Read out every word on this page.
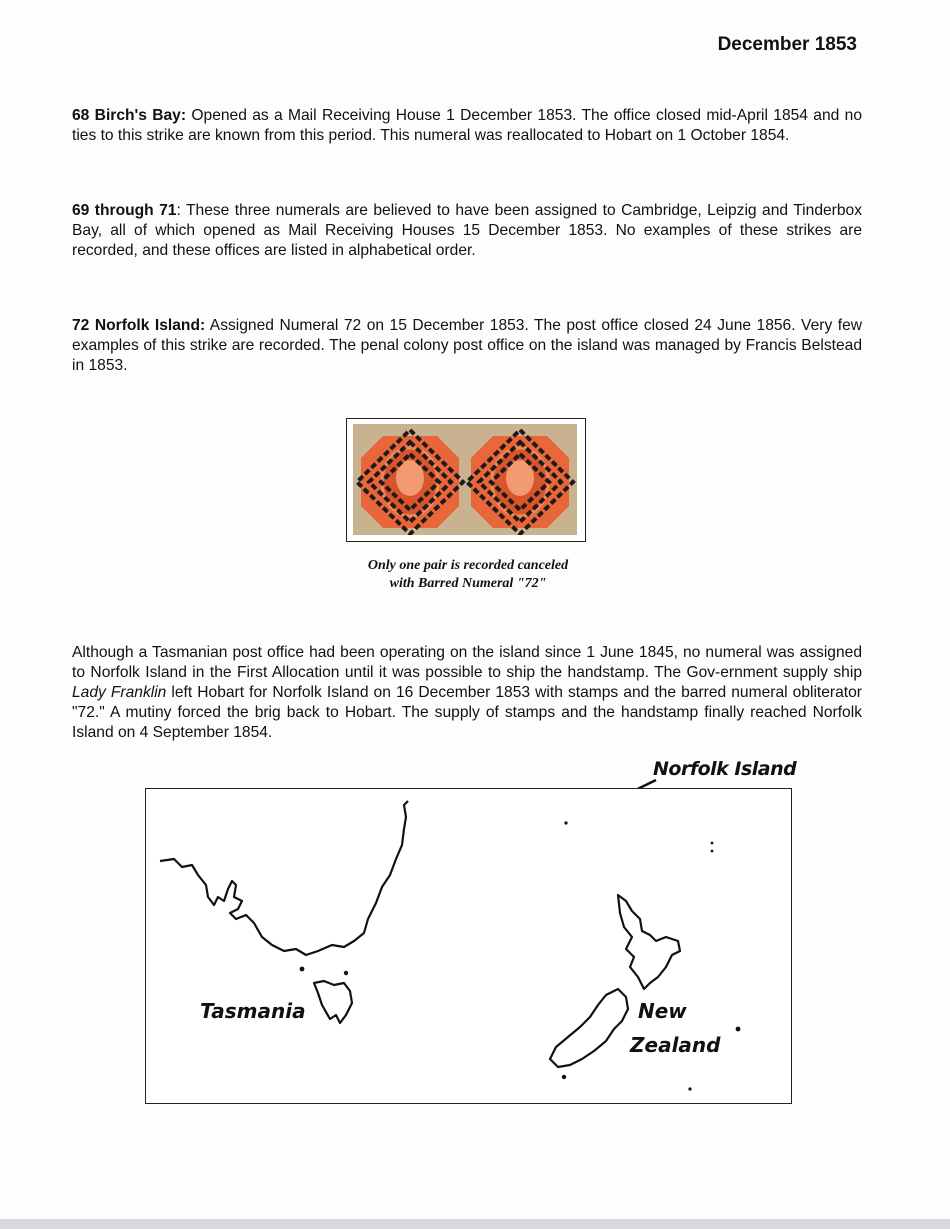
December 1853

68 Birch's Bay: Opened as a Mail Receiving House 1 December 1853. The office closed mid-April 1854 and no ties to this strike are known from this period. This numeral was reallocated to Hobart on 1 October 1854.

69 through 71: These three numerals are believed to have been assigned to Cambridge, Leipzig and Tinderbox Bay, all of which opened as Mail Receiving Houses 15 December 1853. No examples of these strikes are recorded, and these offices are listed in alphabetical order.

72 Norfolk Island: Assigned Numeral 72 on 15 December 1853. The post office closed 24 June 1856. Very few examples of this strike are recorded. The penal colony post office on the island was managed by Francis Belstead in 1853.

Only one pair is recorded canceled
with Barred Numeral "72"

Although a Tasmanian post office had been operating on the island since 1 June 1845, no numeral was assigned to Norfolk Island in the First Allocation until it was possible to ship the handstamp. The Gov-ernment supply ship Lady Franklin left Hobart for Norfolk Island on 16 December 1853 with stamps and the barred numeral obliterator "72." A mutiny forced the brig back to Hobart. The supply of stamps and the handstamp finally reached Norfolk Island on 4 September 1854.

Norfolk Island
Tasmania	New
Zealand
